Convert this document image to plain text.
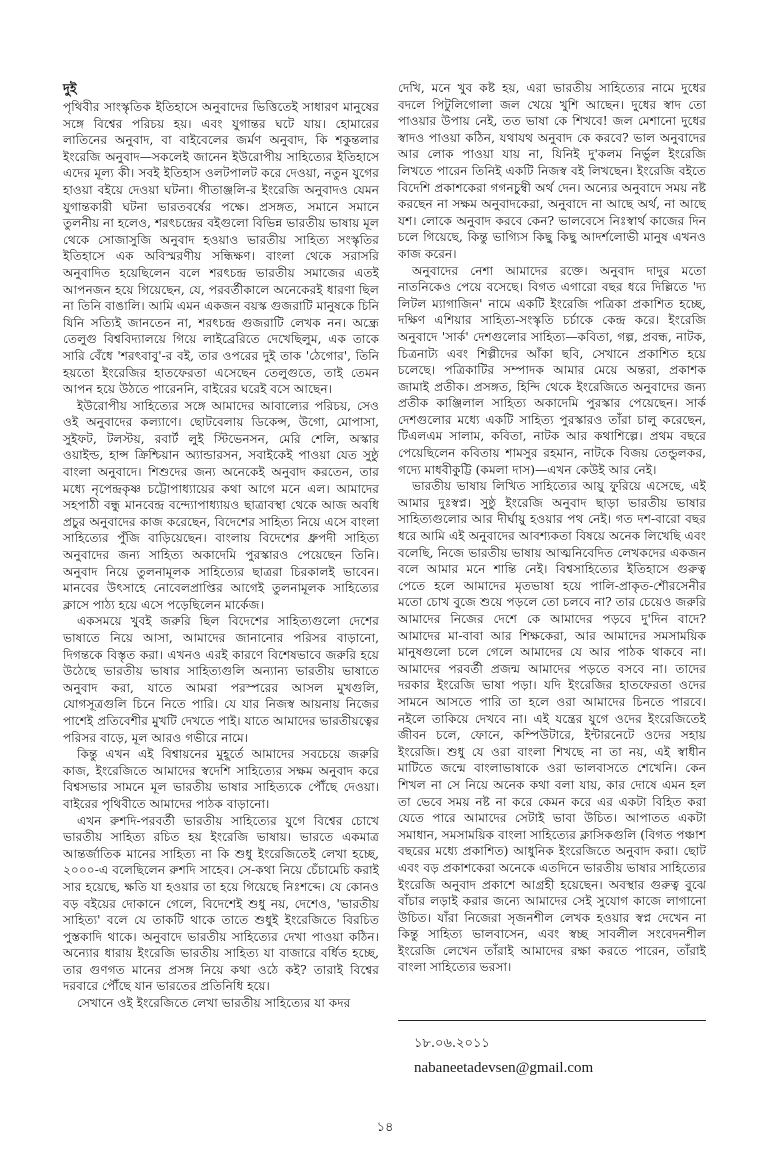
দুই

পৃথিবীর সাংস্কৃতিক ইতিহাসে অনুবাদের ভিত্তিতেই সাধারণ মানুষের সঙ্গে বিশ্বের পরিচয় হয়। এবং যুগান্তর ঘটে যায়। হোমারের লাতিনের অনুবাদ, বা বাইবেলের জর্মণ অনুবাদ, কি শকুন্তলার ইংরেজি অনুবাদ—সকলেই জানেন ইউরোপীয় সাহিত্যের ইতিহাসে এদের মূল্য কী। সবই ইতিহাস ওলটপালট করে দেওয়া, নতুন যুগের হাওয়া বইয়ে দেওয়া ঘটনা। গীতাঞ্জলি-র ইংরেজি অনুবাদও যেমন যুগান্তকারী ঘটনা ভারতবর্ষের পক্ষে। প্রসঙ্গত, সমানে সমানে তুলনীয় না হলেও, শরৎচন্দ্রের বইগুলো বিভিন্ন ভারতীয় ভাষায় মূল থেকে সোজাসুজি অনুবাদ হওয়াও ভারতীয় সাহিত্য সংস্কৃতির ইতিহাসে এক অবিস্মরণীয় সন্ধিক্ষণ। বাংলা থেকে সরাসরি অনুবাদিত হয়েছিলেন বলে শরৎচন্দ্র ভারতীয় সমাজের এতই আপনজন হয়ে গিয়েছেন, যে, পরবর্তীকালে অনেকেরই ধারণা ছিল না তিনি বাঙালি। আমি এমন একজন বয়স্ক গুজরাটি মানুষকে চিনি যিনি সত্যিই জানতেন না, শরৎচন্দ্র গুজরাটি লেখক নন। অন্ধ্রে তেলুগু বিশ্ববিদ্যালয়ে গিয়ে লাইব্রেরিতে দেখেছিলুম, এক তাকে সারি বেঁধে 'শরৎবাবু'-র বই, তার ওপরের দুই তাক 'ঠেগোর', তিনি হয়তো ইংরেজির হাতফেরতা এসেছেন তেলুগুতে, তাই তেমন আপন হয়ে উঠতে পারেননি, বাইরের ঘরেই বসে আছেন।

ইউরোপীয় সাহিত্যের সঙ্গে আমাদের আবাল্যের পরিচয়, সেও ওই অনুবাদের কল্যাণে। ছোটবেলায় ডিকেন্স, উগো, মোপাসা, সুইফট, টলস্টয়, রবার্ট লুই স্টিভেনসন, মেরি শেলি, অস্কার ওয়াইল্ড, হান্স ক্রিশ্চিয়ান অ্যান্ডারসন, সবাইকেই পাওয়া যেত সুষ্ঠু বাংলা অনুবাদে। শিশুদের জন্য অনেকেই অনুবাদ করতেন, তার মধ্যে নৃপেন্দ্রকৃষ্ণ চট্টোপাধ্যায়ের কথা আগে মনে এল। আমাদের সহপাঠী বন্ধু মানবেন্দ্র বন্দ্যোপাধ্যায়ও ছাত্রাবস্থা থেকে আজ অবধি প্রচুর অনুবাদের কাজ করেছেন, বিদেশের সাহিত্য নিয়ে এসে বাংলা সাহিত্যের পুঁজি বাড়িয়েছেন। বাংলায় বিদেশের ধ্রুপদী সাহিত্য অনুবাদের জন্য সাহিত্য অকাদেমি পুরস্কারও পেয়েছেন তিনি। অনুবাদ নিয়ে তুলনামূলক সাহিত্যের ছাত্ররা চিরকালই ভাবেন। মানবের উৎসাহে নোবেলপ্রাপ্তির আগেই তুলনামূলক সাহিত্যের ক্লাসে পাঠ্য হয়ে এসে পড়েছিলেন মার্কেজ।

একসময়ে খুবই জরুরি ছিল বিদেশের সাহিত্যগুলো দেশের ভাষাতে নিয়ে আসা, আমাদের জানানোর পরিসর বাড়ানো, দিগন্তকে বিস্তৃত করা। এখনও এরই কারণে বিশেষভাবে জরুরি হয়ে উঠেছে ভারতীয় ভাষার সাহিত্যগুলি অন্যান্য ভারতীয় ভাষাতে অনুবাদ করা, যাতে আমরা পরস্পরের আসল মুখগুলি, যোগসূত্রগুলি চিনে নিতে পারি। যে যার নিজস্ব আয়নায় নিজের পাশেই প্রতিবেশীর মুখটি দেখতে পাই। যাতে আমাদের ভারতীয়ত্বের পরিসর বাড়ে, মূল আরও গভীরে নামে।

কিন্তু এখন এই বিশ্বায়নের মুহূর্তে আমাদের সবচেয়ে জরুরি কাজ, ইংরেজিতে আমাদের স্বদেশি সাহিত্যের সক্ষম অনুবাদ করে বিশ্বসভার সামনে মূল ভারতীয় ভাষার সাহিত্যকে পৌঁছে দেওয়া। বাইরের পৃথিবীতে আমাদের পাঠক বাড়ানো।

এখন রুশদি-পরবর্তী ভারতীয় সাহিত্যের যুগে বিশ্বের চোখে ভারতীয় সাহিত্য রচিত হয় ইংরেজি ভাষায়। ভারতে একমাত্র আন্তর্জাতিক মানের সাহিত্য না কি শুধু ইংরেজিতেই লেখা হচ্ছে, ২০০০-এ বলেছিলেন রুশদি সাহেব। সে-কথা নিয়ে চেঁচামেচি করাই সার হয়েছে, ক্ষতি যা হওয়ার তা হয়ে গিয়েছে নিঃশব্দে। যে কোনও বড় বইয়ের দোকানে গেলে, বিদেশেই শুধু নয়, দেশেও, 'ভারতীয় সাহিত্য' বলে যে তাকটি থাকে তাতে শুধুই ইংরেজিতে বিরচিত পুস্তকাদি থাকে। অনুবাদে ভারতীয় সাহিত্যের দেখা পাওয়া কঠিন। অন্যোর ধারায় ইংরেজি ভারতীয় সাহিত্য যা বাজারে বর্ধিত হচ্ছে, তার গুণগত মানের প্রসঙ্গ নিয়ে কথা ওঠে কই? তারাই বিশ্বের দরবারে পৌঁছে যান ভারতের প্রতিনিধি হয়ে।

সেখানে ওই ইংরেজিতে লেখা ভারতীয় সাহিত্যের যা কদর

দেখি, মনে খুব কষ্ট হয়, এরা ভারতীয় সাহিত্যের নামে দুধের বদলে পিটুলিগোলা জল খেয়ে খুশি আছেন। দুধের স্বাদ তো পাওয়ার উপায় নেই, তত ভাষা কে শিখবে! জল মেশানো দুধের স্বাদও পাওয়া কঠিন, যথাযথ অনুবাদ কে করবে? ভাল অনুবাদের আর লোক পাওয়া যায় না, যিনিই দু'কলম নির্ভুল ইংরেজি লিখতে পারেন তিনিই একটি নিজস্ব বই লিখছেন। ইংরেজি বইতে বিদেশি প্রকাশকেরা গগনচুম্বী অর্থ দেন। অন্যের অনুবাদে সময় নষ্ট করছেন না সক্ষম অনুবাদকেরা, অনুবাদে না আছে অর্থ, না আছে যশ। লোকে অনুবাদ করবে কেন? ভালবেসে নিঃস্বার্থ কাজের দিন চলে গিয়েছে, কিন্তু ভাগ্যিস কিছু কিছু আদর্শলোভী মানুষ এখনও কাজ করেন।

অনুবাদের নেশা আমাদের রক্তে। অনুবাদ দাদুর মতো নাতনিকেও পেয়ে বসেছে। বিগত এগারো বছর ধরে দিল্লিতে 'দ্য লিটল ম্যাগাজিন' নামে একটি ইংরেজি পত্রিকা প্রকাশিত হচ্ছে, দক্ষিণ এশিয়ার সাহিত্য-সংস্কৃতি চর্চাকে কেন্দ্র করে। ইংরেজি অনুবাদে 'সার্ক' দেশগুলোর সাহিত্য—কবিতা, গল্প, প্রবন্ধ, নাটক, চিত্রনাট্য এবং শিল্পীদের আঁকা ছবি, সেখানে প্রকাশিত হয়ে চলেছে। পত্রিকাটির সম্পাদক আমার মেয়ে অন্তরা, প্রকাশক জামাই প্রতীক। প্রসঙ্গত, হিন্দি থেকে ইংরেজিতে অনুবাদের জন্য প্রতীক কাঞ্জিলাল সাহিত্য অকাদেমি পুরস্কার পেয়েছেন। সার্ক দেশগুলোর মধ্যে একটি সাহিত্য পুরস্কারও তাঁরা চালু করেছেন, টিএলএম সালাম, কবিতা, নাটক আর কথাশিল্পে। প্রথম বছরে পেয়েছিলেন কবিতায় শামসুর রহমান, নাটকে বিজয় তেন্ডুলকর, গদ্যে মাধবীকুট্টি (কমলা দাস)—এখন কেউই আর নেই।

ভারতীয় ভাষায় লিখিত সাহিত্যের আয়ু ফুরিয়ে এসেছে, এই আমার দুঃস্বপ্ন। সুষ্ঠু ইংরেজি অনুবাদ ছাড়া ভারতীয় ভাষার সাহিত্যগুলোর আর দীর্ঘায়ু হওয়ার পথ নেই। গত দশ-বারো বছর ধরে আমি এই অনুবাদের আবশ্যকতা বিষয়ে অনেক লিখেছি এবং বলেছি, নিজে ভারতীয় ভাষায় আত্মনিবেদিত লেখকদের একজন বলে আমার মনে শান্তি নেই। বিশ্বসাহিত্যের ইতিহাসে গুরুত্ব পেতে হলে আমাদের মৃতভাষা হয়ে পালি-প্রাকৃত-শৌরসেনীর মতো চোখ বুজে শুয়ে পড়লে তো চলবে না? তার চেয়েও জরুরি আমাদের নিজের দেশে কে আমাদের পড়বে দু'দিন বাদে? আমাদের মা-বাবা আর শিক্ষকেরা, আর আমাদের সমসাময়িক মানুষগুলো চলে গেলে আমাদের যে আর পাঠক থাকবে না। আমাদের পরবর্তী প্রজন্ম আমাদের পড়তে বসবে না। তাদের দরকার ইংরেজি ভাষা পড়া। যদি ইংরেজির হাতফেরতা ওদের সামনে আসতে পারি তা হলে ওরা আমাদের চিনতে পারবে। নইলে তাকিয়ে দেখবে না। এই যন্ত্রের যুগে ওদের ইংরেজিতেই জীবন চলে, ফোনে, কম্পিউটারে, ইন্টারনেটে ওদের সহায় ইংরেজি। শুধু যে ওরা বাংলা শিখছে না তা নয়, এই স্বাধীন মাটিতে জন্মে বাংলাভাষাকে ওরা ভালবাসতে শেখেনি। কেন শিখল না সে নিয়ে অনেক কথা বলা যায়, কার দোষে এমন হল তা ভেবে সময় নষ্ট না করে কেমন করে এর একটা বিহিত করা যেতে পারে আমাদের সেটাই ভাবা উচিত। আপাতত একটা সমাধান, সমসাময়িক বাংলা সাহিত্যের ক্লাসিকগুলি (বিগত পঞ্চাশ বছরের মধ্যে প্রকাশিত) আধুনিক ইংরেজিতে অনুবাদ করা। ছোট এবং বড় প্রকাশকেরা অনেকে এতদিনে ভারতীয় ভাষার সাহিত্যের ইংরেজি অনুবাদ প্রকাশে আগ্রহী হয়েছেন। অবস্থার গুরুত্ব বুঝে বাঁচার লড়াই করার জন্যে আমাদের সেই সুযোগ কাজে লাগানো উচিত। যাঁরা নিজেরা সৃজনশীল লেখক হওয়ার স্বপ্ন দেখেন না কিন্তু সাহিত্য ভালবাসেন, এবং স্বচ্ছ সাবলীল সংবেদনশীল ইংরেজি লেখেন তাঁরাই আমাদের রক্ষা করতে পারেন, তাঁরাই বাংলা সাহিত্যের ভরসা।

১৮.০৬.২০১১
nabaneetadevsen@gmail.com
১৪
